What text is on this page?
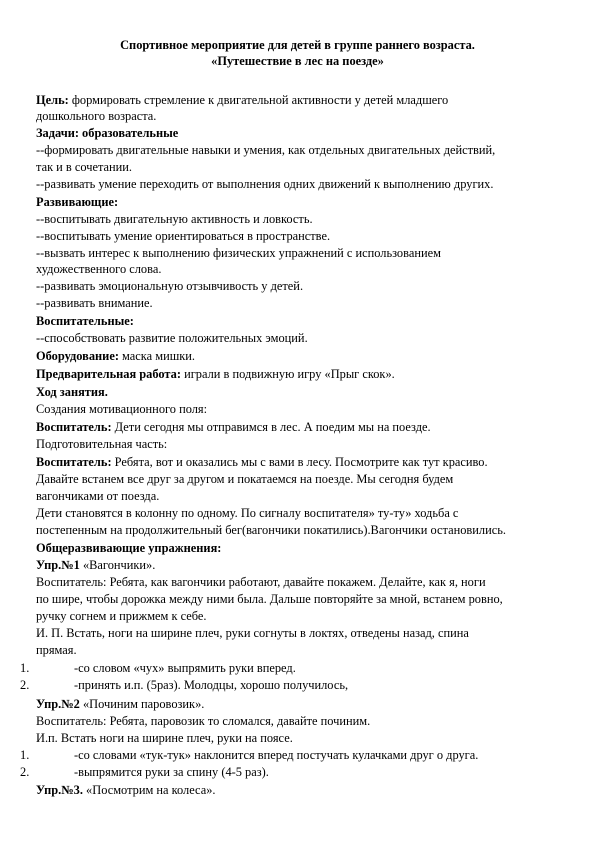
Спортивное мероприятие для детей в группе раннего возраста.
«Путешествие в лес на поезде»
Цель: формировать стремление к двигательной активности у детей младшего
дошкольного возраста.
Задачи: образовательные
--формировать двигательные навыки и умения, как отдельных двигательных действий,
так и в сочетании.
--развивать умение переходить от выполнения одних движений к выполнению других.
Развивающие:
--воспитывать двигательную активность и ловкость.
--воспитывать умение ориентироваться в пространстве.
--вызвать интерес к выполнению физических упражнений с использованием
художественного слова.
--развивать эмоциональную отзывчивость у детей.
--развивать внимание.
Воспитательные:
--способствовать развитие положительных эмоций.
Оборудование: маска мишки.
Предварительная работа: играли в подвижную игру «Прыг скок».
Ход занятия.
Создания мотивационного поля:
Воспитатель: Дети сегодня мы отправимся в лес. А поедим мы на поезде.
Подготовительная часть:
Воспитатель: Ребята, вот и оказались мы с вами в лесу. Посмотрите как тут красиво.
Давайте встанем все друг за другом и покатаемся на поезде. Мы сегодня будем
вагончиками от поезда.
Дети становятся в колонну по одному. По сигналу воспитателя» ту-ту» ходьба с
постепенным на продолжительный бег(вагончики покатились).Вагончики остановились.
Общеразвивающие упражнения:
Упр.№1 «Вагончики».
Воспитатель: Ребята, как вагончики работают, давайте покажем. Делайте, как я, ноги
по шире, чтобы дорожка между ними была. Дальше повторяйте за мной, встанем ровно,
ручку согнем и прижмем к себе.
И. П. Встать, ноги на ширине плеч, руки согнуты в локтях, отведены назад, спина
прямая.
1.	-со словом «чух» выпрямить руки вперед.
2.	-принять и.п. (5раз). Молодцы, хорошо получилось,
Упр.№2 «Починим паровозик».
Воспитатель: Ребята, паровозик то сломался, давайте починим.
И.п. Встать ноги на ширине плеч, руки на поясе.
1.	-со словами «тук-тук» наклонится вперед постучать кулачками друг о друга.
2.	-выпрямится руки за спину (4-5 раз).
Упр.№3. «Посмотрим на колеса».
